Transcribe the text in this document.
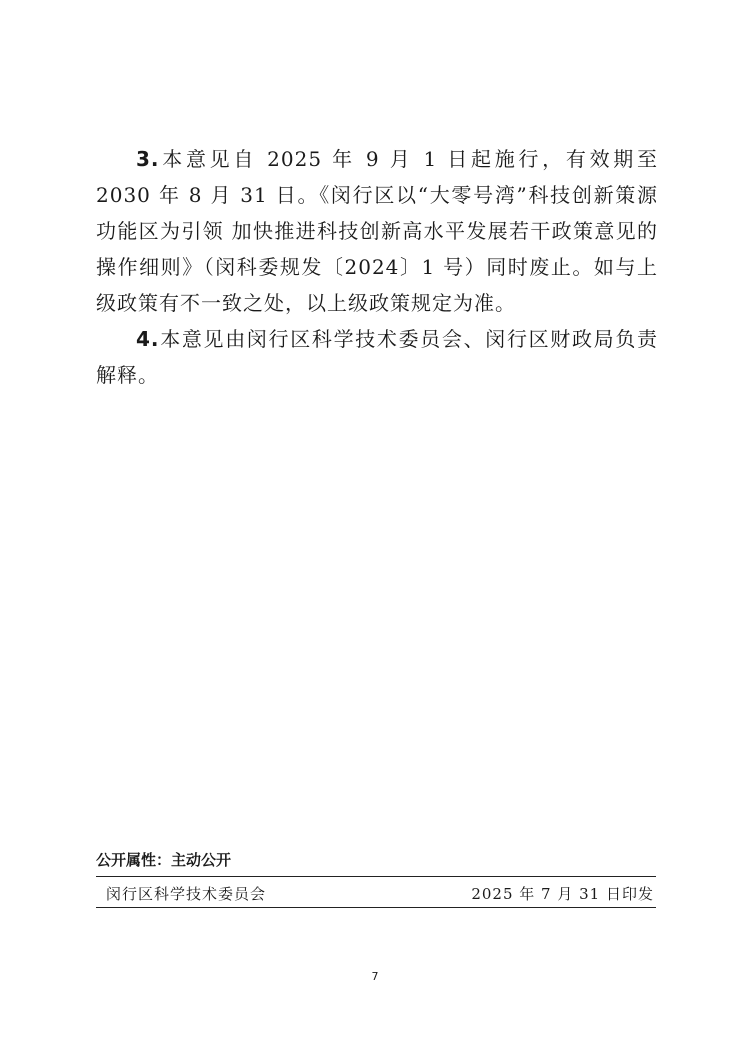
3.本意见自 2025 年 9 月 1 日起施行，有效期至 2030 年 8 月 31 日。《闵行区以“大零号湾”科技创新策源功能区为引领 加快推进科技创新高水平发展若干政策意见的操作细则》（闵科委规发〔2024〕1 号）同时废止。如与上级政策有不一致之处，以上级政策规定为准。

4.本意见由闵行区科学技术委员会、闵行区财政局负责解释。

公开属性：主动公开
闵行区科学技术委员会	2025 年 7 月 31 日印发
7
